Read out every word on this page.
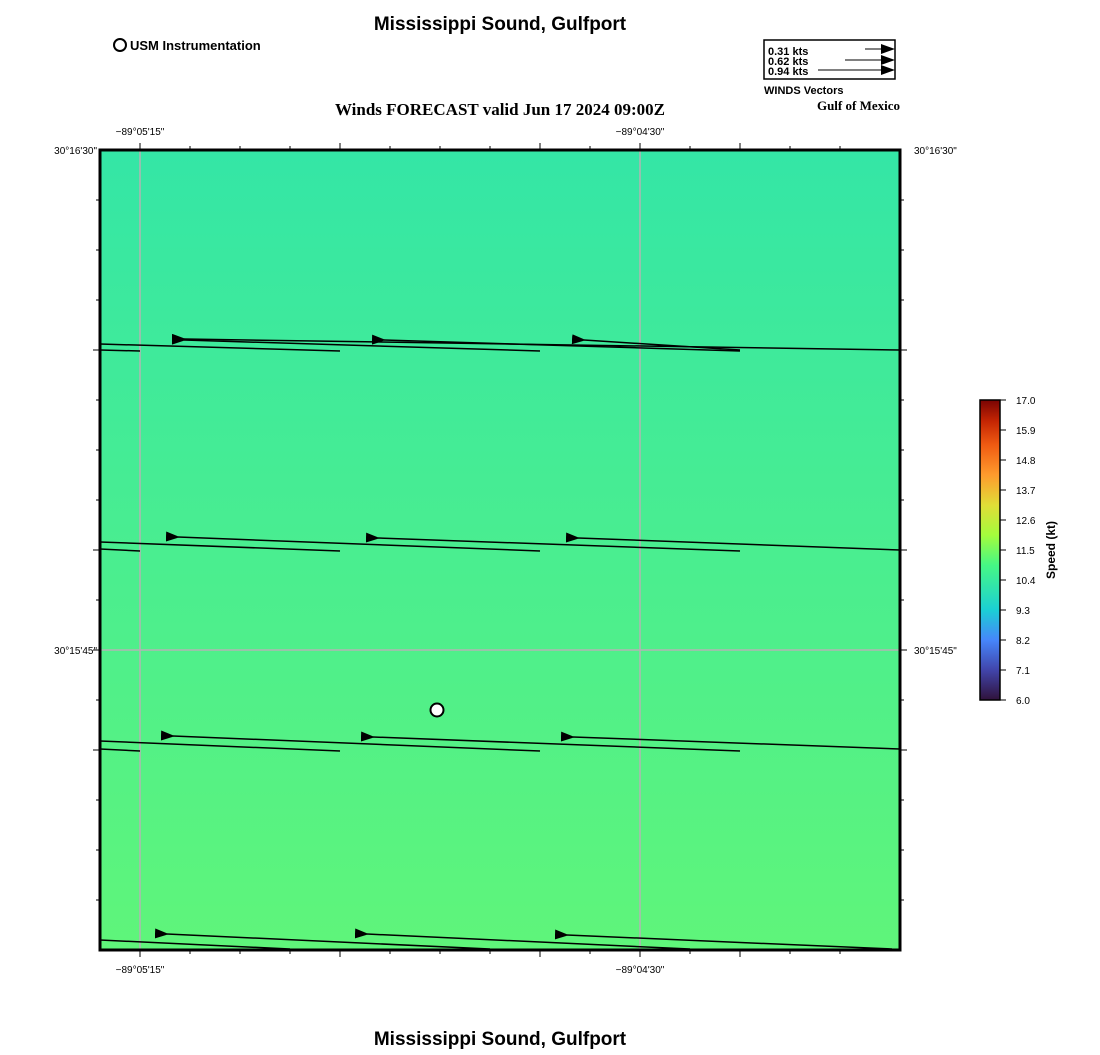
Mississippi Sound, Gulfport
USM Instrumentation	0.31 kts
0.62 kts
0.94 kts
WINDS Vectors
Gulf of Mexico
Winds FORECAST valid Jun 17 2024 09:00Z
−89°05'15"	−89°04'30"
−89°05'15"	−89°04'30"
30°16'30"
30°15'45"
30°16'30"
30°15'45"
17.0
15.9
14.8
13.7
12.6
11.5
10.4
9.3
8.2
7.1
6.0
Speed (kt)
Mississippi Sound, Gulfport
